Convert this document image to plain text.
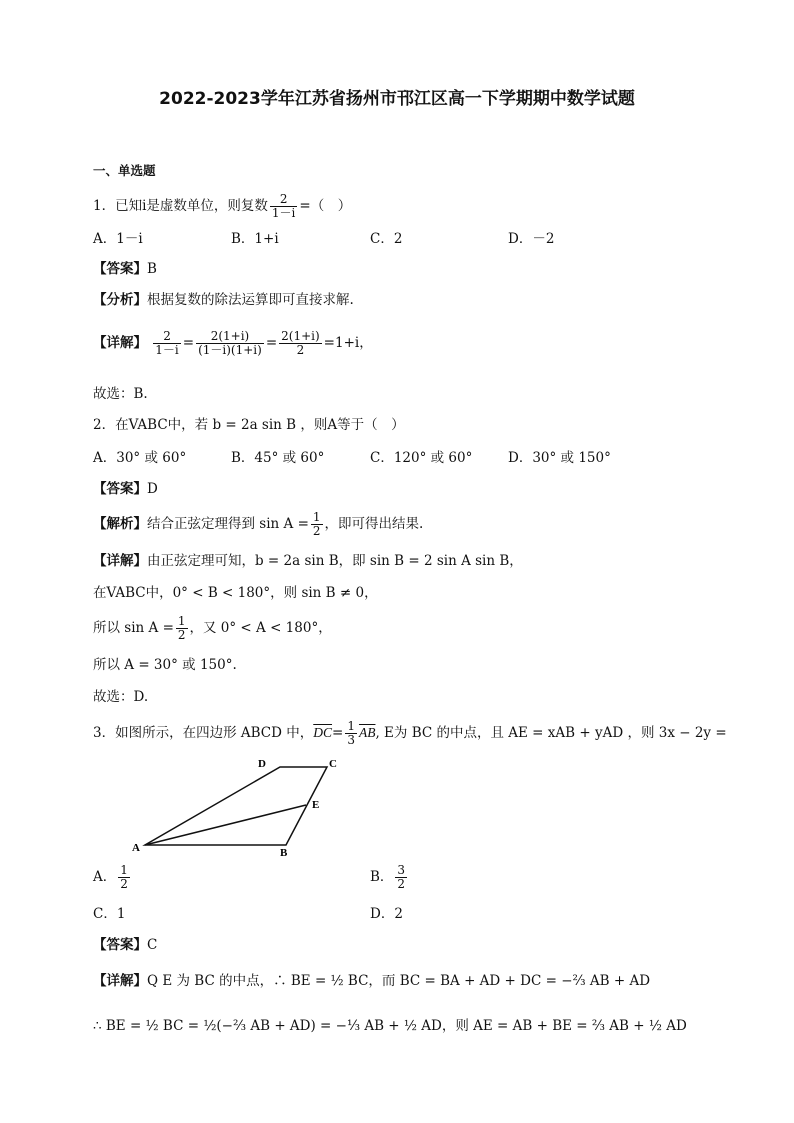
2022-2023学年江苏省扬州市邗江区高一下学期期中数学试题
一、单选题
1．已知i是虚数单位，则复数 $\frac{2}{1-i}$ =（　）
A．1－i	B．1+i	C．2	D．－2
【答案】B
【分析】根据复数的除法运算即可直接求解.
【详解】 $\frac{2}{1-i} = \frac{2(1+i)}{(1-i)(1+i)} = \frac{2(1+i)}{2} =1+i$，
故选：B.
2．在VABC中，若 b = 2a sin B ，则A等于（　）
A．30° 或 60°	B．45° 或 60°	C．120° 或 60°	D．30° 或 150°
【答案】D
【解析】结合正弦定理得到 $\sin A = \frac{1}{2}$ ，即可得出结果.
【详解】由正弦定理可知，b = 2a sin B，即 sin B = 2 sin A sin B，
在VABC中，0° < B < 180°，则 sin B ≠ 0，
所以 $\sin A = \frac{1}{2}$ ，又 0° < A < 180°，
所以 A = 30° 或 150°.
故选：D.
3．如图所示，在四边形 ABCD 中，$\overline{DC}= \frac{1}{3} \overline{AB}$, E为 BC 的中点，且 AE = xAB + yAD ，则 3x − 2y =
A	B
C
D
E
A． $\frac{1}{2}$	B． $\frac{3}{2}$
C．1	D．2
【答案】C
【详解】Q E 为 BC 的中点，∴ BE = ½ BC，而 BC = BA + AD + DC = −⅔ AB + AD
∴ BE = ½ BC = ½(−⅔ AB + AD) = −⅓ AB + ½ AD，则 AE = AB + BE = ⅔ AB + ½ AD
